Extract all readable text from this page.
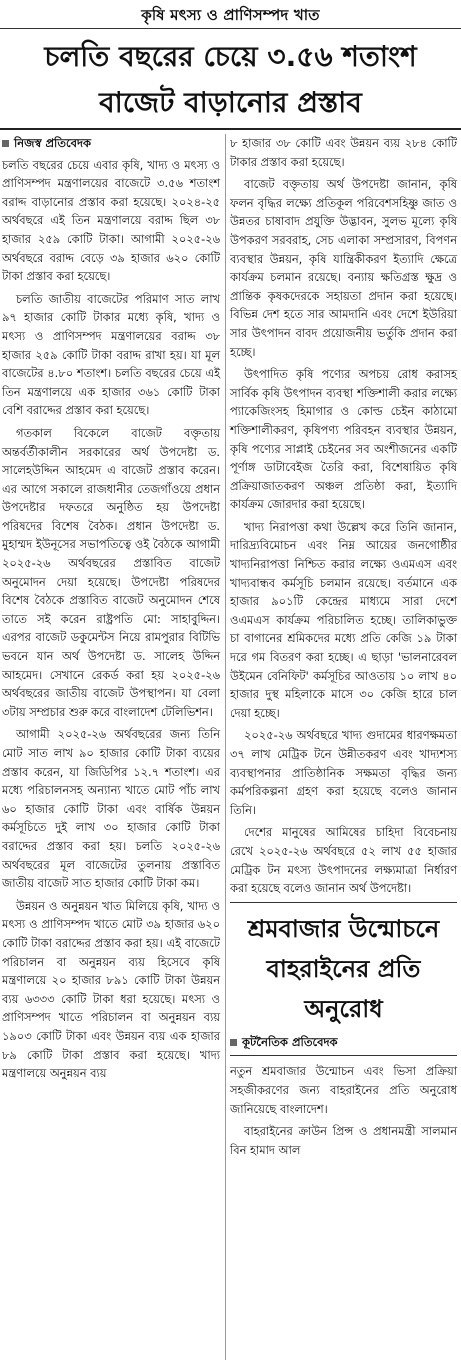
কৃষি মৎস্য ও প্রাণিসম্পদ খাত
চলতি বছরের চেয়ে ৩.৫৬ শতাংশ বাজেট বাড়ানোর প্রস্তাব
নিজস্ব প্রতিবেদক

চলতি বছরের চেয়ে এবার কৃষি, খাদ্য ও মৎস্য ও প্রাণিসম্পদ মন্ত্রণালয়ের বাজেটে ৩.৫৬ শতাংশ বরাদ্দ বাড়ানোর প্রস্তাব করা হয়েছে। ২০২৪-২৫ অর্থবছরে এই তিন মন্ত্রণালয়ে বরাদ্দ ছিল ৩৮ হাজার ২৫৯ কোটি টাকা। আগামী ২০২৫-২৬ অর্থবছরে বরাদ্দ বেড়ে ৩৯ হাজার ৬২০ কোটি টাকা প্রস্তাব করা হয়েছে।

চলতি জাতীয় বাজেটের পরিমাণ সাত লাখ ৯৭ হাজার কোটি টাকার মধ্যে কৃষি, খাদ্য ও মৎস্য ও প্রাণিসম্পদ মন্ত্রণালয়ের বরাদ্দ ৩৮ হাজার ২৫৯ কোটি টাকা বরাদ্দ রাখা হয়। যা মূল বাজেটের ৪.৮০ শতাংশ। চলতি বছরের চেয়ে এই তিন মন্ত্রণালয়ে এক হাজার ৩৬১ কোটি টাকা বেশি বরাদ্দের প্রস্তাব করা হয়েছে।

গতকাল বিকেলে বাজেট বক্তৃতায় অন্তর্বর্তীকালীন সরকারের অর্থ উপদেষ্টা ড. সালেহউদ্দিন আহমেদ এ বাজেট প্রস্তাব করেন। এর আগে সকালে রাজধানীর তেজগাঁওয়ে প্রধান উপদেষ্টার দফতরে অনুষ্ঠিত হয় উপদেষ্টা পরিষদের বিশেষ বৈঠক। প্রধান উপদেষ্টা ড. মুহাম্মদ ইউনূসের সভাপতিত্বে ওই বৈঠকে আগামী ২০২৫-২৬ অর্থবছরের প্রস্তাবিত বাজেট অনুমোদন দেয়া হয়েছে। উপদেষ্টা পরিষদের বিশেষ বৈঠকে প্রস্তাবিত বাজেট অনুমোদন শেষে তাতে সই করেন রাষ্ট্রপতি মো: সাহাবুদ্দিন। এরপর বাজেট ডকুমেন্টস নিয়ে রামপুরার বিটিভি ভবনে যান অর্থ উপদেষ্টা ড. সালেহ উদ্দিন আহমেদ। সেখানে রেকর্ড করা হয় ২০২৫-২৬ অর্থবছরের জাতীয় বাজেট উপস্থাপন। যা বেলা ৩টায় সম্প্রচার শুরু করে বাংলাদেশ টেলিভিশন।

আগামী ২০২৫-২৬ অর্থবছরের জন্য তিনি মোট সাত লাখ ৯০ হাজার কোটি টাকা ব্যয়ের প্রস্তাব করেন, যা জিডিপির ১২.৭ শতাংশ। এর মধ্যে পরিচালনসহ অন্যান্য খাতে মোট পাঁচ লাখ ৬০ হাজার কোটি টাকা এবং বার্ষিক উন্নয়ন কর্মসূচিতে দুই লাখ ৩০ হাজার কোটি টাকা বরাদ্দের প্রস্তাব করা হয়। চলতি ২০২৫-২৬ অর্থবছরের মূল বাজেটের তুলনায় প্রস্তাবিত জাতীয় বাজেট সাত হাজার কোটি টাকা কম।

উন্নয়ন ও অনুন্নয়ন খাত মিলিয়ে কৃষি, খাদ্য ও মৎস্য ও প্রাণিসম্পদ খাতে মোট ৩৯ হাজার ৬২০ কোটি টাকা বরাদ্দের প্রস্তাব করা হয়। এই বাজেটে পরিচালন বা অনুন্নয়ন ব্যয় হিসেবে কৃষি মন্ত্রণালয়ে ২০ হাজার ৮৯১ কোটি টাকা উন্নয়ন ব্যয় ৬৩৩৩ কোটি টাকা ধরা হয়েছে। মৎস্য ও প্রাণিসম্পদ খাতে পরিচালন বা অনুন্নয়ন ব্যয় ১৯০৩ কোটি টাকা এবং উন্নয়ন ব্যয় এক হাজার ৮৯ কোটি টাকা প্রস্তাব করা হয়েছে। খাদ্য মন্ত্রণালয়ে অনুন্নয়ন ব্যয়

৮ হাজার ৩৮ কোটি এবং উন্নয়ন ব্যয় ২৮৪ কোটি টাকার প্রস্তাব করা হয়েছে।

বাজেট বক্তৃতায় অর্থ উপদেষ্টা জানান, কৃষি ফলন বৃদ্ধির লক্ষ্যে প্রতিকূল পরিবেশসহিষ্ণু জাত ও উন্নতর চাষাবাদ প্রযুক্তি উদ্ভাবন, সুলভ মূল্যে কৃষি উপকরণ সরবরাহ, সেচ এলাকা সম্প্রসারণ, বিপণন ব্যবস্থার উন্নয়ন, কৃষি যান্ত্রিকীকরণ ইত্যাদি ক্ষেত্রে কার্যক্রম চলমান রয়েছে। বন্যায় ক্ষতিগ্রস্ত ক্ষুদ্র ও প্রান্তিক কৃষকদেরকে সহায়তা প্রদান করা হয়েছে। বিভিন্ন দেশ হতে সার আমদানি এবং দেশে ইউরিয়া সার উৎপাদন বাবদ প্রয়োজনীয় ভর্তুকি প্রদান করা হচ্ছে।

উৎপাদিত কৃষি পণ্যের অপচয় রোধ করাসহ সার্বিক কৃষি উৎপাদন ব্যবস্থা শক্তিশালী করার লক্ষ্যে প্যাকেজিংসহ হিমাগার ও কোল্ড চেইন কাঠামো শক্তিশালীকরণ, কৃষিপণ্য পরিবহন ব্যবস্থার উন্নয়ন, কৃষি পণ্যের সাপ্লাই চেইনের সব অংশীজনের একটি পূর্ণাঙ্গ ডাটাবেইজ তৈরি করা, বিশেষায়িত কৃষি প্রক্রিয়াজাতকরণ অঞ্চল প্রতিষ্ঠা করা, ইত্যাদি কার্যক্রম জোরদার করা হয়েছে।

খাদ্য নিরাপত্তা কথা উল্লেখ করে তিনি জানান, দারিদ্র্যবিমোচন এবং নিম্ন আয়ের জনগোষ্ঠীর খাদ্যনিরাপত্তা নিশ্চিত করার লক্ষ্যে ওএমএস এবং খাদ্যবান্ধব কর্মসূচি চলমান রয়েছে। বর্তমানে এক হাজার ৯০১টি কেন্দ্রের মাধ্যমে সারা দেশে ওএমএস কার্যক্রম পরিচালিত হচ্ছে। তালিকাভুক্ত চা বাগানের শ্রমিকদের মধ্যে প্রতি কেজি ১৯ টাকা দরে গম বিতরণ করা হচ্ছে। এ ছাড়া 'ভালনারেবল উইমেন বেনিফিট' কর্মসূচির আওতায় ১০ লাখ ৪০ হাজার দুস্থ মহিলাকে মাসে ৩০ কেজি হারে চাল দেয়া হচ্ছে।

২০২৫-২৬ অর্থবছরে খাদ্য গুদামের ধারণক্ষমতা ৩৭ লাখ মেট্রিক টনে উন্নীতকরণ এবং খাদ্যশস্য ব্যবস্থাপনার প্রাতিষ্ঠানিক সক্ষমতা বৃদ্ধির জন্য কর্মপরিকল্পনা গ্রহণ করা হয়েছে বলেও জানান তিনি।

দেশের মানুষের আমিষের চাহিদা বিবেচনায় রেখে ২০২৫-২৬ অর্থবছরে ৫২ লাখ ৫৫ হাজার মেট্রিক টন মৎস্য উৎপাদনের লক্ষ্যমাত্রা নির্ধারণ করা হয়েছে বলেও জানান অর্থ উপদেষ্টা।

শ্রমবাজার উন্মোচনে বাহরাইনের প্রতি অনুরোধ
কূটনৈতিক প্রতিবেদক

নতুন শ্রমবাজার উন্মোচন এবং ভিসা প্রক্রিয়া সহজীকরণের জন্য বাহরাইনের প্রতি অনুরোধ জানিয়েছে বাংলাদেশ।

বাহরাইনের ক্রাউন প্রিন্স ও প্রধানমন্ত্রী সালমান বিন হামাদ আল
